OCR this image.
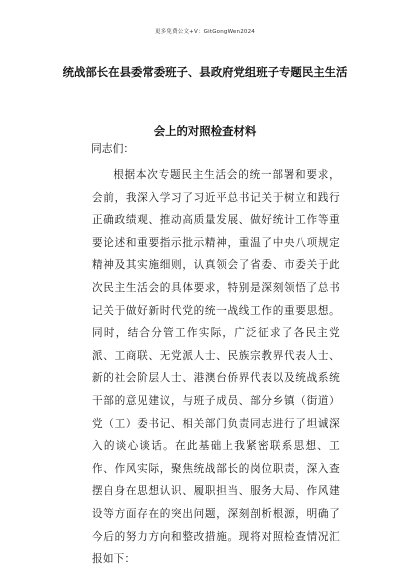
更多免费公文+V：GitGongWen2024
统战部长在县委常委班子、县政府党组班子专题民主生活
会上的对照检查材料
同志们：

根据本次专题民主生活会的统一部署和要求，会前，我深入学习了习近平总书记关于树立和践行正确政绩观、推动高质量发展、做好统计工作等重要论述和重要指示批示精神，重温了中央八项规定精神及其实施细则，认真领会了省委、市委关于此次民主生活会的具体要求，特别是深刻领悟了总书记关于做好新时代党的统一战线工作的重要思想。同时，结合分管工作实际，广泛征求了各民主党派、工商联、无党派人士、民族宗教界代表人士、新的社会阶层人士、港澳台侨界代表以及统战系统干部的意见建议，与班子成员、部分乡镇（街道）党（工）委书记、相关部门负责同志进行了坦诚深入的谈心谈话。在此基础上我紧密联系思想、工作、作风实际，聚焦统战部长的岗位职责，深入查摆自身在思想认识、履职担当、服务大局、作风建设等方面存在的突出问题，深刻剖析根源，明确了今后的努力方向和整改措施。现将对照检查情况汇报如下：
